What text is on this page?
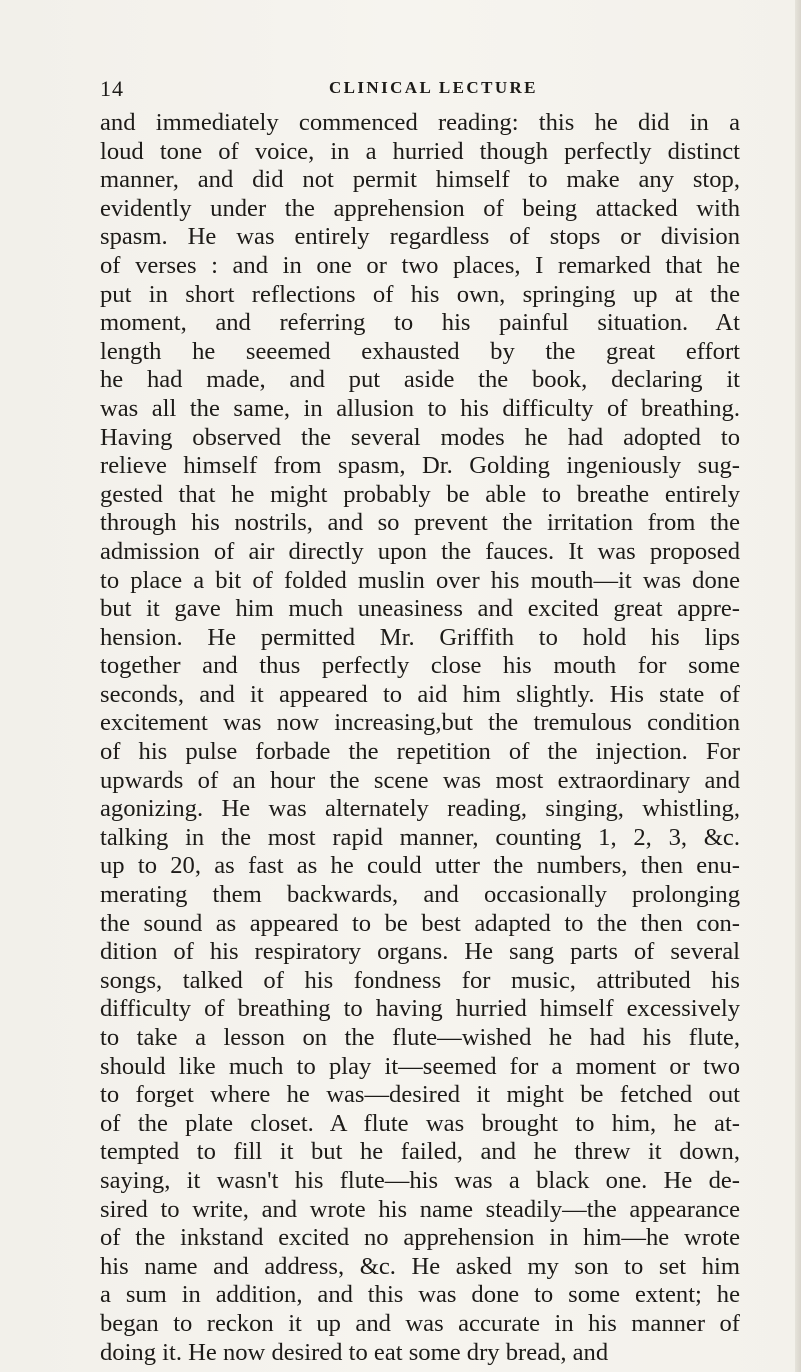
14	CLINICAL LECTURE
and immediately commenced reading: this he did in a
loud tone of voice, in a hurried though perfectly distinct
manner, and did not permit himself to make any stop,
evidently under the apprehension of being attacked with
spasm. He was entirely regardless of stops or division
of verses : and in one or two places, I remarked that he
put in short reflections of his own, springing up at the
moment, and referring to his painful situation. At
length he seeemed exhausted by the great effort
he had made, and put aside the book, declaring it
was all the same, in allusion to his difficulty of breathing.
Having observed the several modes he had adopted to
relieve himself from spasm, Dr. Golding ingeniously sug-
gested that he might probably be able to breathe entirely
through his nostrils, and so prevent the irritation from the
admission of air directly upon the fauces. It was proposed
to place a bit of folded muslin over his mouth—it was done
but it gave him much uneasiness and excited great appre-
hension. He permitted Mr. Griffith to hold his lips
together and thus perfectly close his mouth for some
seconds, and it appeared to aid him slightly. His state of
excitement was now increasing,but the tremulous condition
of his pulse forbade the repetition of the injection. For
upwards of an hour the scene was most extraordinary and
agonizing. He was alternately reading, singing, whistling,
talking in the most rapid manner, counting 1, 2, 3, &c.
up to 20, as fast as he could utter the numbers, then enu-
merating them backwards, and occasionally prolonging
the sound as appeared to be best adapted to the then con-
dition of his respiratory organs. He sang parts of several
songs, talked of his fondness for music, attributed his
difficulty of breathing to having hurried himself excessively
to take a lesson on the flute—wished he had his flute,
should like much to play it—seemed for a moment or two
to forget where he was—desired it might be fetched out
of the plate closet. A flute was brought to him, he at-
tempted to fill it but he failed, and he threw it down,
saying, it wasn't his flute—his was a black one. He de-
sired to write, and wrote his name steadily—the appearance
of the inkstand excited no apprehension in him—he wrote
his name and address, &c. He asked my son to set him
a sum in addition, and this was done to some extent; he
began to reckon it up and was accurate in his manner of
doing it. He now desired to eat some dry bread, and
